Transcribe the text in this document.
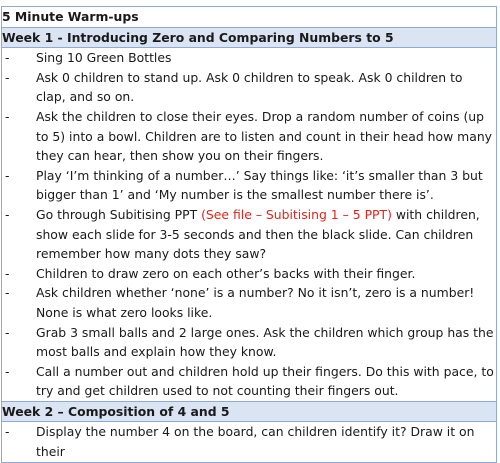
5 Minute Warm-ups
Week 1 - Introducing Zero and Comparing Numbers to 5

- Sing 10 Green Bottles
- Ask 0 children to stand up. Ask 0 children to speak. Ask 0 children to clap, and so on.
- Ask the children to close their eyes. Drop a random number of coins (up to 5) into a bowl. Children are to listen and count in their head how many they can hear, then show you on their fingers.
- Play ‘I’m thinking of a number…’ Say things like: ‘it’s smaller than 3 but bigger than 1’ and ‘My number is the smallest number there is’.
- Go through Subitising PPT (See file – Subitising 1 – 5 PPT) with children, show each slide for 3-5 seconds and then the black slide. Can children remember how many dots they saw?
- Children to draw zero on each other’s backs with their finger.
- Ask children whether ‘none’ is a number? No it isn’t, zero is a number! None is what zero looks like.
- Grab 3 small balls and 2 large ones. Ask the children which group has the most balls and explain how they know.
- Call a number out and children hold up their fingers. Do this with pace, to try and get children used to not counting their fingers out.

Week 2 – Composition of 4 and 5

- Display the number 4 on the board, can children identify it? Draw it on their
